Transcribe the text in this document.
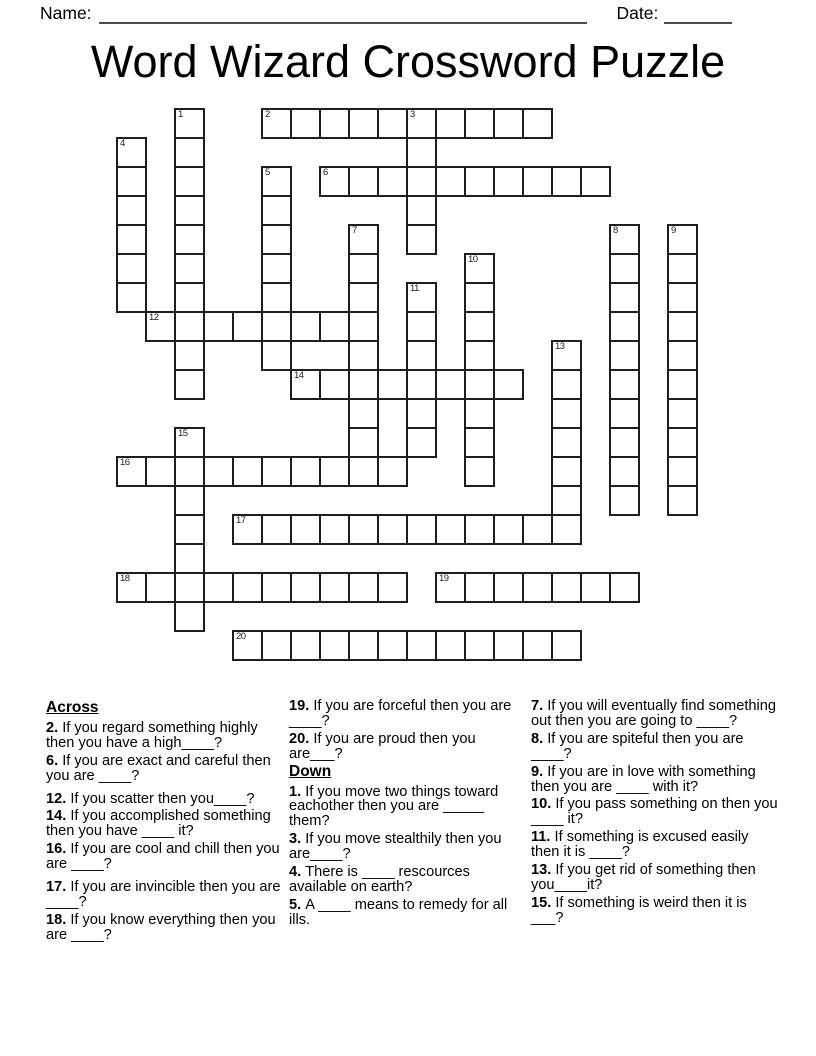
Name:	Date:
Word Wizard Crossword Puzzle
1	2	3
4
5	6
7	8	9
10
11
12
13
14
15
16
17
18	19
20
Across
2. If you regard something highly then you have a high____?
6. If you are exact and careful then you are ____?
12. If you scatter then you____?
14. If you accomplished something then you have ____ it?
16. If you are cool and chill then you are ____?
17. If you are invincible then you are ____?
18. If you know everything then you are ____?
19. If you are forceful then you are ____?
20. If you are proud then you are___?
Down
1. If you move two things toward eachother then you are _____ them?
3. If you move stealthily then you are____?
4. There is ____ rescources available on earth?
5. A ____ means to remedy for all ills.
7. If you will eventually find something out then you are going to ____?
8. If you are spiteful then you are ____?
9. If you are in love with something then you are ____ with it?
10. If you pass something on then you ____ it?
11. If something is excused easily then it is ____?
13. If you get rid of something then you____it?
15. If something is weird then it is ___?
